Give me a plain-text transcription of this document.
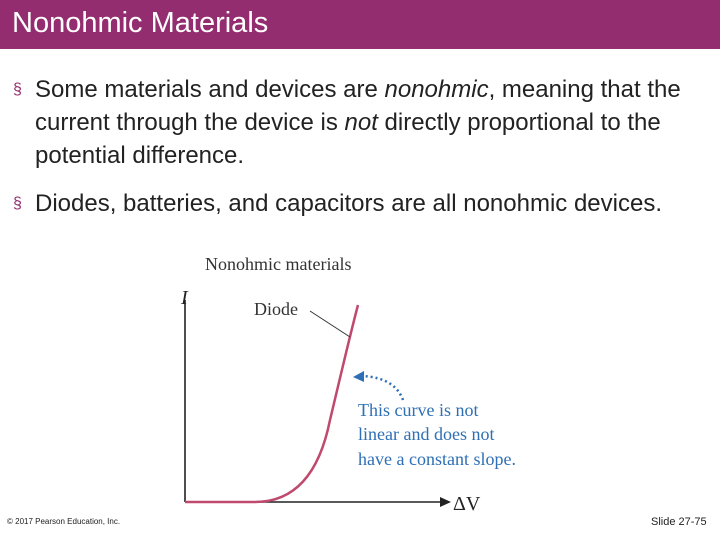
Nonohmic Materials
§ Some materials and devices are nonohmic, meaning that the current through the device is not directly proportional to the potential difference.
§ Diodes, batteries, and capacitors are all nonohmic devices.
Nonohmic materials
I
ΔV
Diode
This curve is not
linear and does not
have a constant slope.
© 2017 Pearson Education, Inc.	Slide 27-75
